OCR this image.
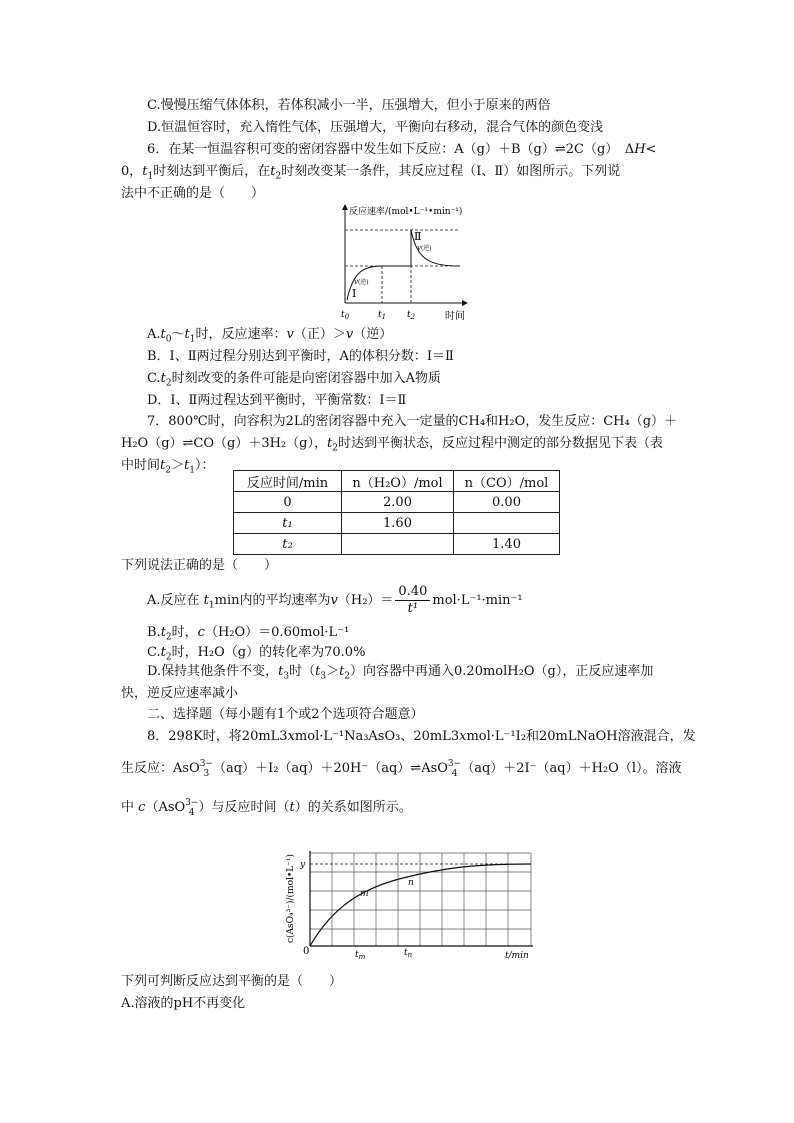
C.慢慢压缩气体体积，若体积减小一半，压强增大，但小于原来的两倍
D.恒温恒容时，充入惰性气体，压强增大，平衡向右移动，混合气体的颜色变浅
6．在某一恒温容积可变的密闭容器中发生如下反应：A（g）＋B（g）⇌2C（g）　ΔH<
0，$t_1$时刻达到平衡后，在$t_2$时刻改变某一条件，其反应过程（Ⅰ、Ⅱ）如图所示。下列说
法中不正确的是（　　）
反应速率/(mol•L⁻¹•min⁻¹)
Ⅱ
v(逆)
v(逆)
Ⅰ
$t_0$	$t_1$ $t_2$	时间
$A.t_0\sim t_1$时，反应速率：v（正）＞v（逆）
B．Ⅰ、Ⅱ两过程分别达到平衡时，A的体积分数：Ⅰ＝Ⅱ
$C.t_2$时刻改变的条件可能是向密闭容器中加入A物质
D．Ⅰ、Ⅱ两过程达到平衡时，平衡常数：Ⅰ＝Ⅱ
7．800℃时，向容积为2L的密闭容器中充入一定量的CH₄和H₂O，发生反应：CH₄（g）＋
H₂O（g）⇌CO（g）＋3H₂（g），$t_2$时达到平衡状态，反应过程中测定的部分数据见下表（表
中时间$t_2>t_1$）：
反应时间/min	n（H₂O）/mol	n（CO）/mol
0	2.00	0.00
t₁	1.60	
t₂		1.40
下列说法正确的是（　　）
A.反应在 $t_1\min$内的平均速率为$v(H_2)= \frac{0.40}{\text{t¹}} mol\cdot L^{-1}\cdot\min^{-1}$
$B.t_2$时，c（H₂O）＝0.60mol·L⁻¹
$C.t_2$时，H₂O（g）的转化率为70.0%
D.保持其他条件不变，$t_3$时$(t_3>t_2)$向容器中再通入0.20molH₂O（g），正反应速率加
快，逆反应速率减小
二、选择题（每小题有1个或2个选项符合题意）
8．298K时，将20mL3xmol·L⁻¹Na₃AsO₃、20mL3xmol·L⁻¹I₂和20mLNaOH溶液混合，发
生反应：AsO 3−
3 （aq）＋I₂（aq）＋20H⁻（aq）⇌AsO 3−
4 （aq）＋2I⁻（aq）＋H₂O（l）。溶液
中 c（AsO 3−
4 ）与反应时间（t）的关系如图所示。
y
0
m
n
$t_m$	$t_n$	t/min
c(AsO₄³⁻)/(mol•L⁻¹)
下列可判断反应达到平衡的是（　　）
A.溶液的pH不再变化
